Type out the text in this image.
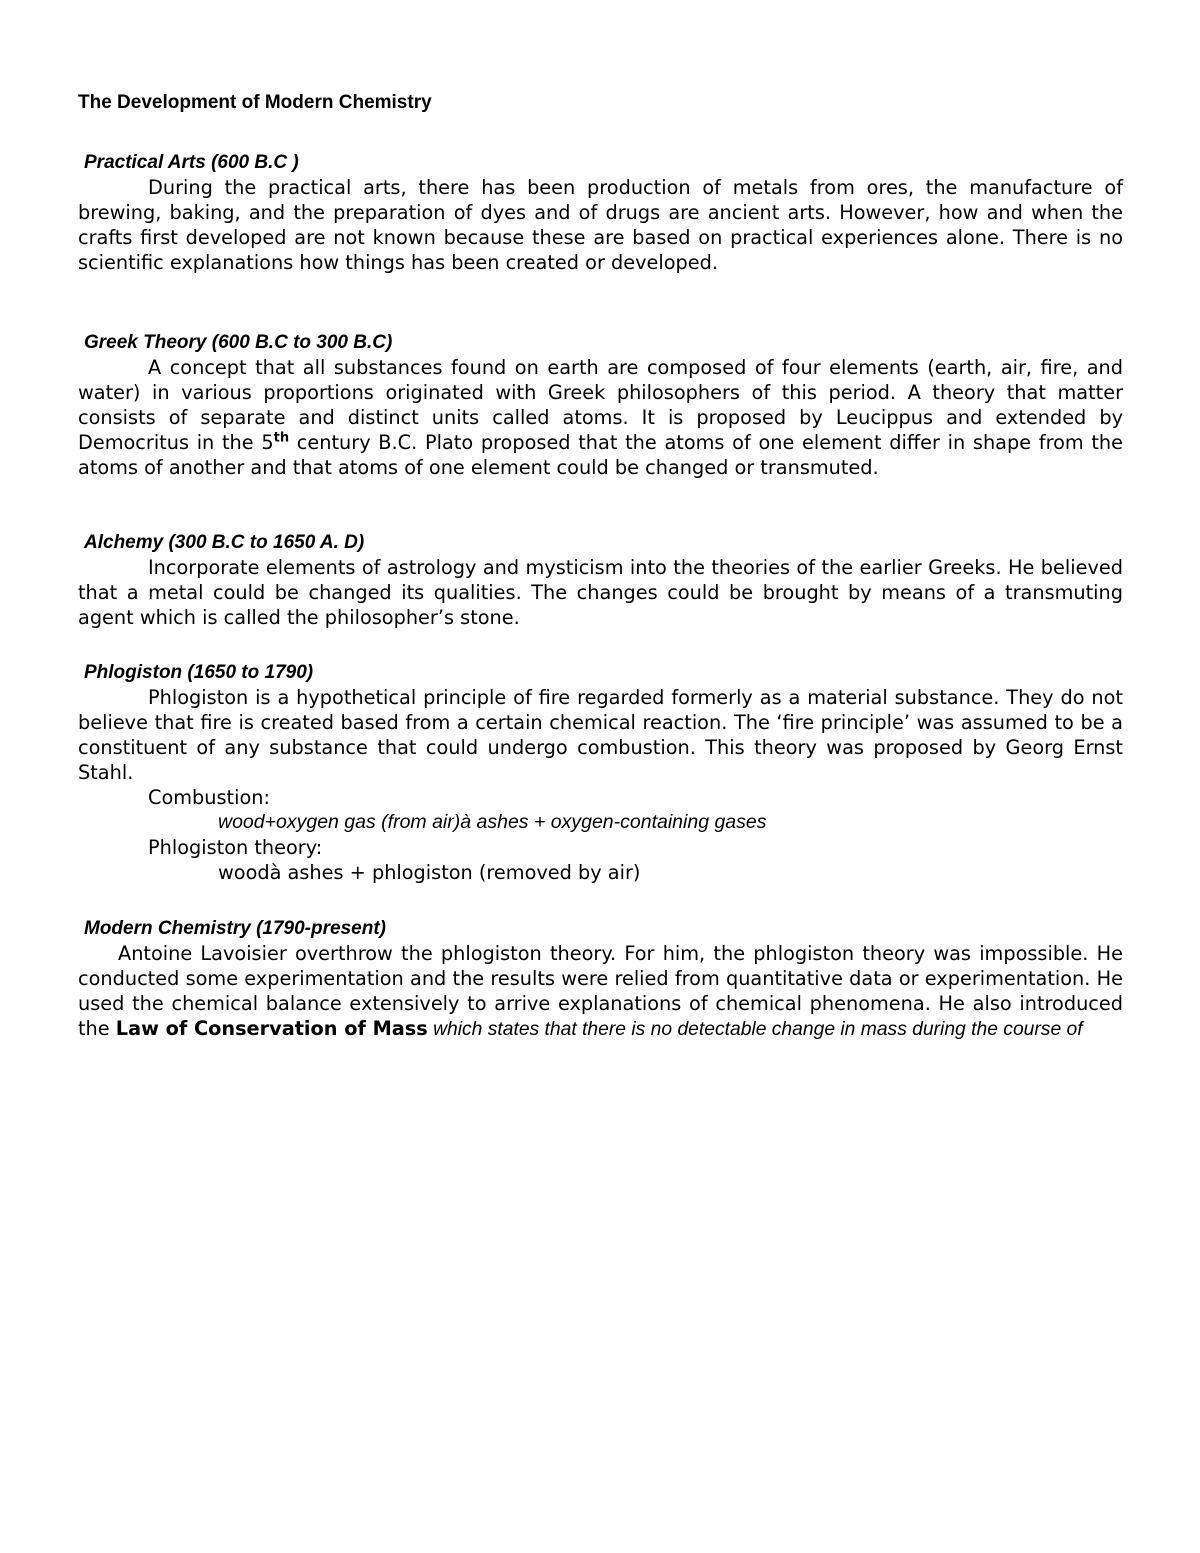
The Development of Modern Chemistry

Practical Arts (600 B.C )

During the practical arts, there has been production of metals from ores, the manufacture of brewing, baking, and the preparation of dyes and of drugs are ancient arts. However, how and when the crafts first developed are not known because these are based on practical experiences alone. There is no scientific explanations how things has been created or developed.

Greek Theory (600 B.C to 300 B.C)

A concept that all substances found on earth are composed of four elements (earth, air, fire, and water) in various proportions originated with Greek philosophers of this period. A theory that matter consists of separate and distinct units called atoms. It is proposed by Leucippus and extended by Democritus in the 5th century B.C. Plato proposed that the atoms of one element differ in shape from the atoms of another and that atoms of one element could be changed or transmuted.

Alchemy (300 B.C to 1650 A. D)

Incorporate elements of astrology and mysticism into the theories of the earlier Greeks. He believed that a metal could be changed its qualities. The changes could be brought by means of a transmuting agent which is called the philosopher’s stone.

Phlogiston (1650 to 1790)

Phlogiston is a hypothetical principle of fire regarded formerly as a material substance. They do not believe that fire is created based from a certain chemical reaction. The ‘fire principle’ was assumed to be a constituent of any substance that could undergo combustion. This theory was proposed by Georg Ernst Stahl.

Combustion:

wood+oxygen gas (from air)à ashes + oxygen-containing gases

Phlogiston theory:

woodà ashes + phlogiston (removed by air)

Modern Chemistry (1790-present)

Antoine Lavoisier overthrow the phlogiston theory. For him, the phlogiston theory was impossible. He conducted some experimentation and the results were relied from quantitative data or experimentation. He used the chemical balance extensively to arrive explanations of chemical phenomena. He also introduced the Law of Conservation of Mass which states that there is no detectable change in mass during the course of
